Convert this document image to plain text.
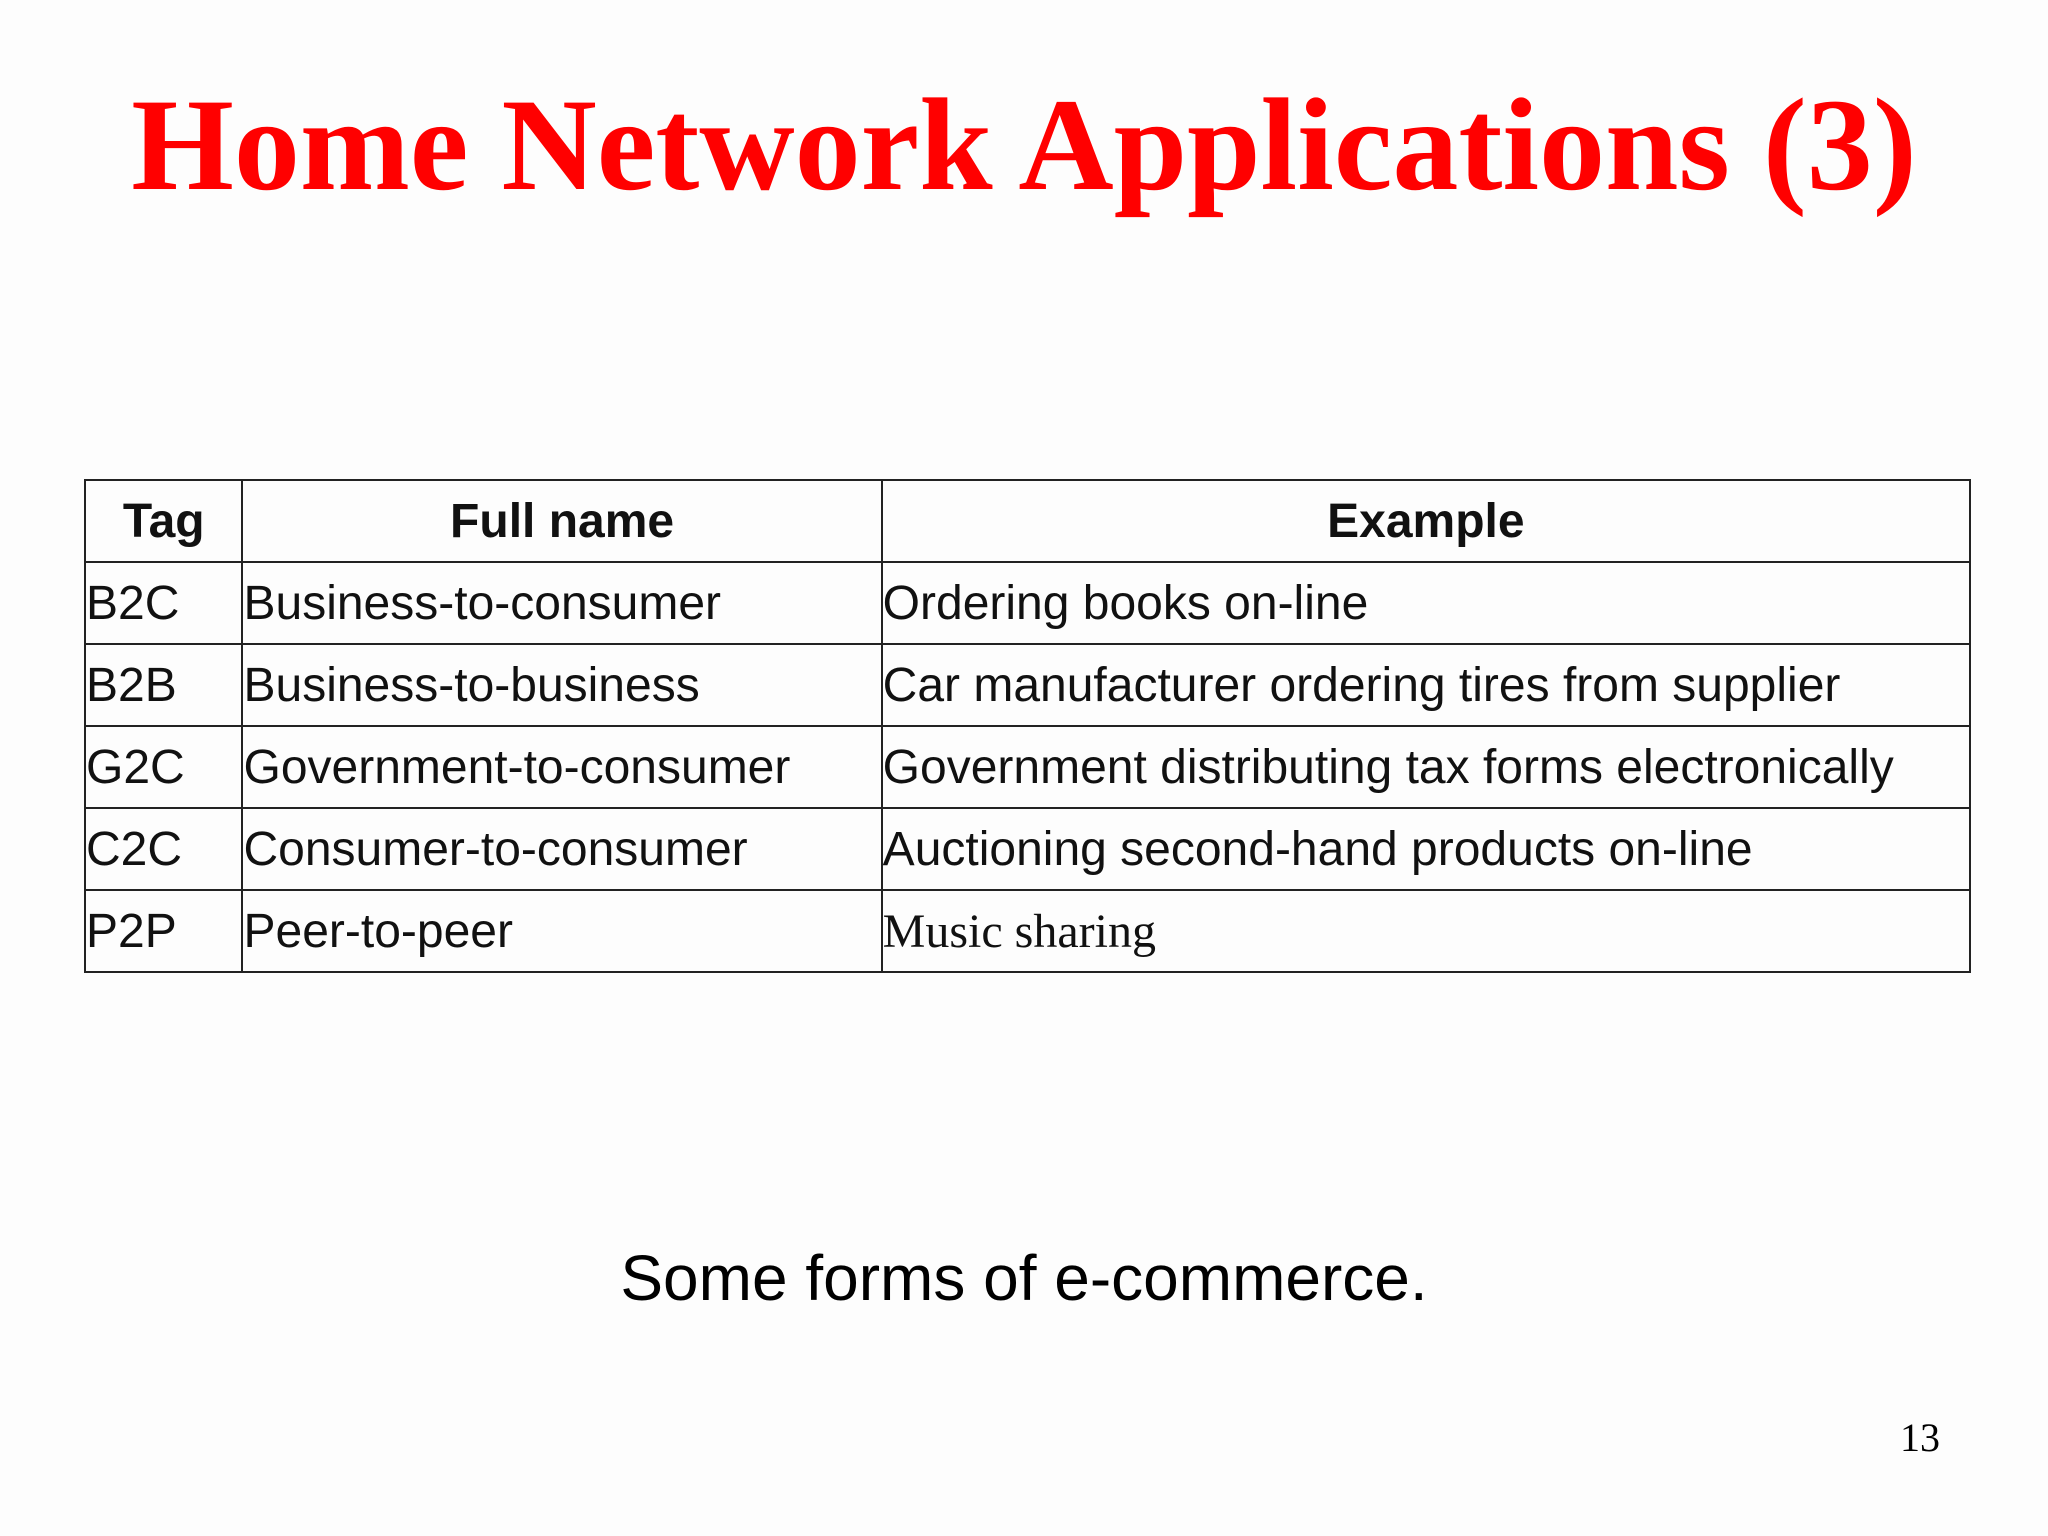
Home Network Applications (3)
Tag	Full name	Example
B2C	Business-to-consumer	Ordering books on-line
B2B	Business-to-business	Car manufacturer ordering tires from supplier
G2C	Government-to-consumer	Government distributing tax forms electronically
C2C	Consumer-to-consumer	Auctioning second-hand products on-line
P2P	Peer-to-peer	Music sharing
Some forms of e-commerce.
13
